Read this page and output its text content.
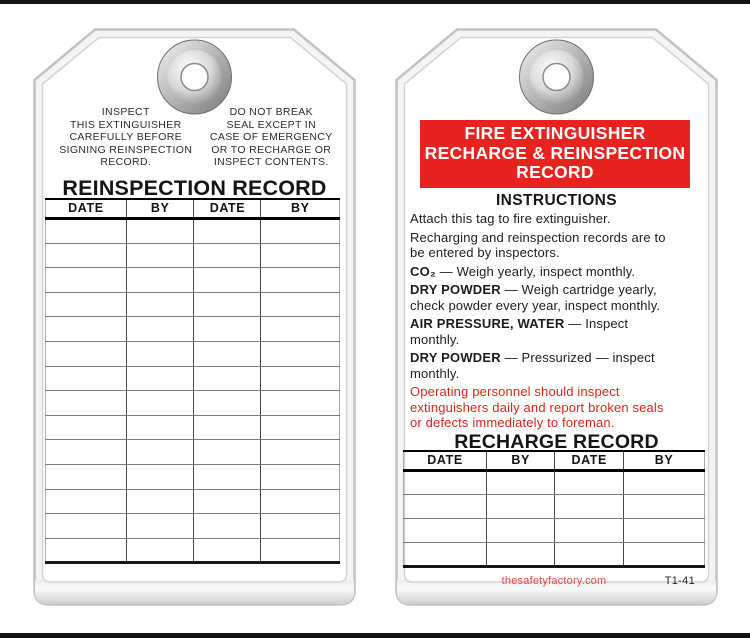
INSPECT
THIS EXTINGUISHER
CAREFULLY BEFORE
SIGNING REINSPECTION
RECORD.
DO NOT BREAK
SEAL EXCEPT IN
CASE OF EMERGENCY
OR TO RECHARGE OR
INSPECT CONTENTS.
REINSPECTION RECORD
DATE	BY	DATE	BY

FIRE EXTINGUISHER
RECHARGE & REINSPECTION
RECORD
INSTRUCTIONS

Attach this tag to fire extinguisher.

Recharging and reinspection records are to be entered by inspectors.

CO₂ — Weigh yearly, inspect monthly.

DRY POWDER — Weigh cartridge yearly, check powder every year, inspect monthly.

AIR PRESSURE, WATER — Inspect monthly.

DRY POWDER — Pressurized — inspect monthly.

Operating personnel should inspect extinguishers daily and report broken seals or defects immediately to foreman.

RECHARGE RECORD
DATE	BY	DATE	BY

thesafetyfactory.com	T1-41
